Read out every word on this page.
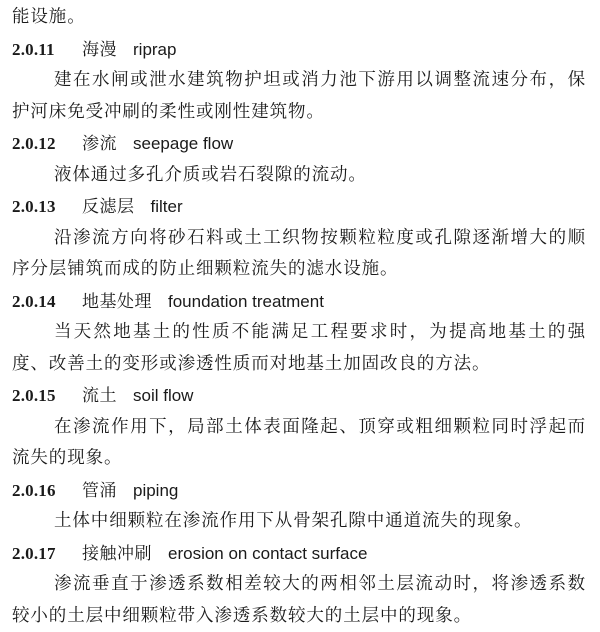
能设施。

2.0.11	海漫 riprap

建在水闸或泄水建筑物护坦或消力池下游用以调整流速分布，保护河床免受冲刷的柔性或刚性建筑物。

2.0.12	渗流 seepage flow

液体通过多孔介质或岩石裂隙的流动。

2.0.13	反滤层 filter

沿渗流方向将砂石料或土工织物按颗粒粒度或孔隙逐渐增大的顺序分层铺筑而成的防止细颗粒流失的滤水设施。

2.0.14	地基处理 foundation treatment

当天然地基土的性质不能满足工程要求时，为提高地基土的强度、改善土的变形或渗透性质而对地基土加固改良的方法。

2.0.15	流土 soil flow

在渗流作用下，局部土体表面隆起、顶穿或粗细颗粒同时浮起而流失的现象。

2.0.16	管涌 piping

土体中细颗粒在渗流作用下从骨架孔隙中通道流失的现象。

2.0.17	接触冲刷 erosion on contact surface

渗流垂直于渗透系数相差较大的两相邻土层流动时，将渗透系数较小的土层中细颗粒带入渗透系数较大的土层中的现象。
